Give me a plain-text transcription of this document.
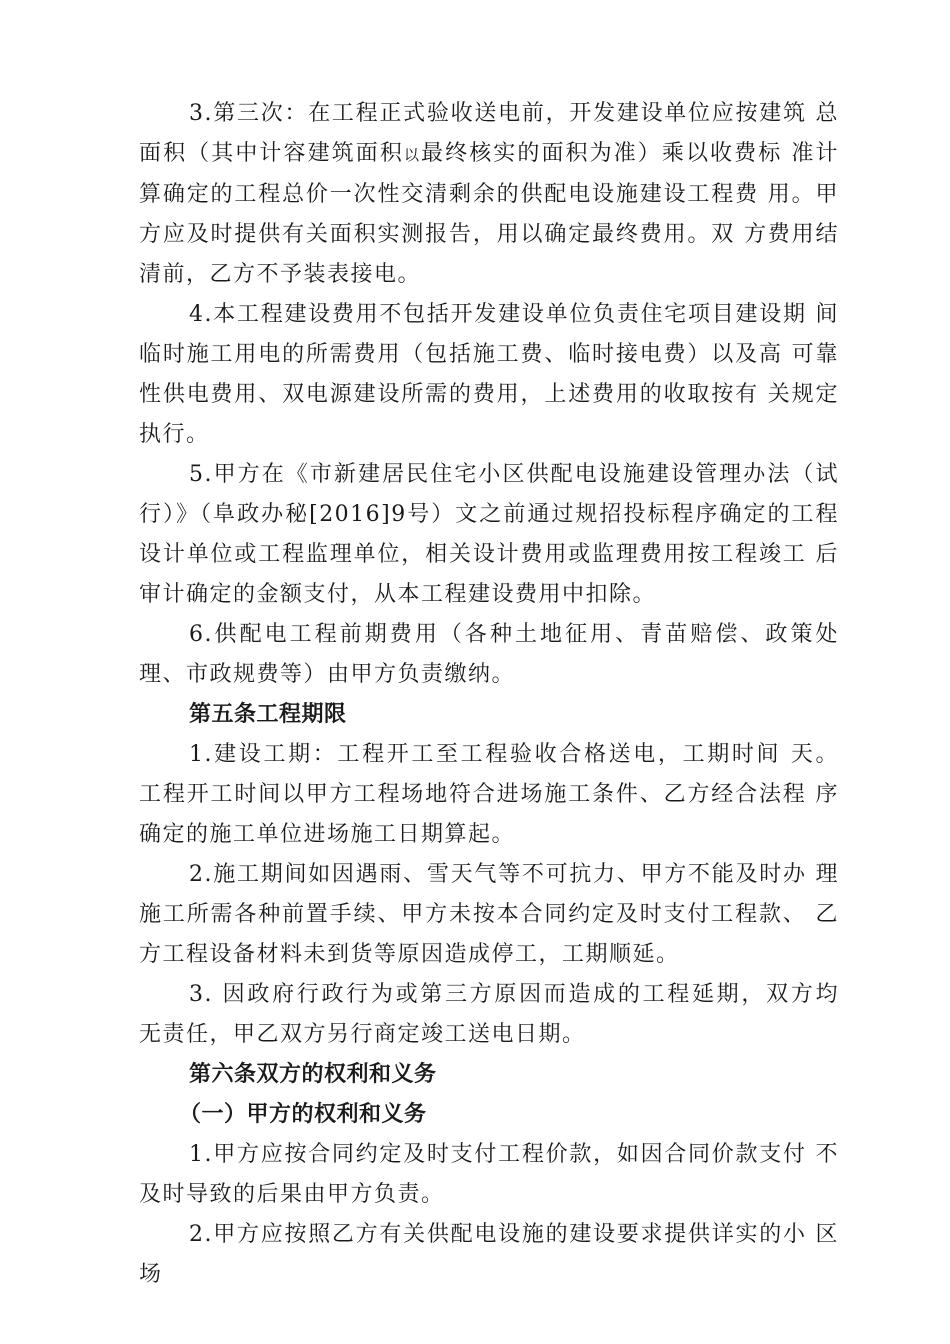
3.第三次：在工程正式验收送电前，开发建设单位应按建筑 总面积（其中计容建筑面积以最终核实的面积为准）乘以收费标 准计算确定的工程总价一次性交清剩余的供配电设施建设工程费 用。甲方应及时提供有关面积实测报告，用以确定最终费用。双 方费用结清前，乙方不予装表接电。

4.本工程建设费用不包括开发建设单位负责住宅项目建设期 间临时施工用电的所需费用（包括施工费、临时接电费）以及高 可靠性供电费用、双电源建设所需的费用，上述费用的收取按有 关规定执行。

5.甲方在《市新建居民住宅小区供配电设施建设管理办法（试行）》（阜政办秘[2016]9号）文之前通过规招投标程序确定的工程设计单位或工程监理单位，相关设计费用或监理费用按工程竣工 后审计确定的金额支付，从本工程建设费用中扣除。

6.供配电工程前期费用（各种土地征用、青苗赔偿、政策处 理、市政规费等）由甲方负责缴纳。

第五条工程期限

1.建设工期：工程开工至工程验收合格送电，工期时间 天。 工程开工时间以甲方工程场地符合进场施工条件、乙方经合法程 序确定的施工单位进场施工日期算起。

2.施工期间如因遇雨、雪天气等不可抗力、甲方不能及时办 理施工所需各种前置手续、甲方未按本合同约定及时支付工程款、 乙方工程设备材料未到货等原因造成停工，工期顺延。

3. 因政府行政行为或第三方原因而造成的工程延期，双方均 无责任，甲乙双方另行商定竣工送电日期。

第六条双方的权利和义务

（一）甲方的权利和义务

1.甲方应按合同约定及时支付工程价款，如因合同价款支付 不及时导致的后果由甲方负责。

2.甲方应按照乙方有关供配电设施的建设要求提供详实的小 区场
